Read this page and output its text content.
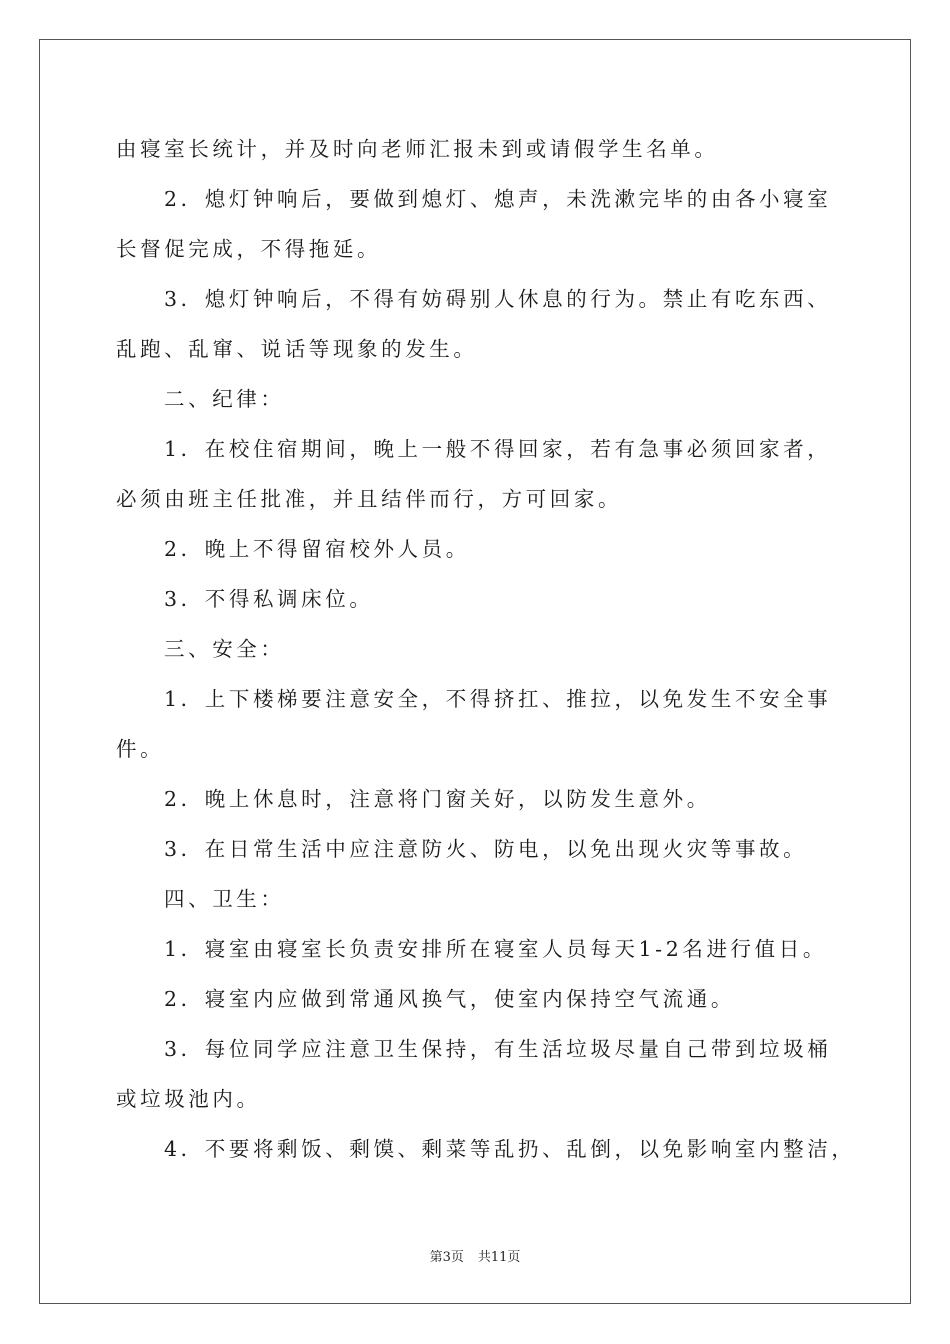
由寝室长统计，并及时向老师汇报未到或请假学生名单。
2．熄灯钟响后，要做到熄灯、熄声，未洗漱完毕的由各小寝室
长督促完成，不得拖延。
3．熄灯钟响后，不得有妨碍别人休息的行为。禁止有吃东西、
乱跑、乱窜、说话等现象的发生。
二、纪律：
1．在校住宿期间，晚上一般不得回家，若有急事必须回家者，
必须由班主任批准，并且结伴而行，方可回家。
2．晚上不得留宿校外人员。
3．不得私调床位。
三、安全：
1．上下楼梯要注意安全，不得挤扛、推拉，以免发生不安全事
件。
2．晚上休息时，注意将门窗关好，以防发生意外。
3．在日常生活中应注意防火、防电，以免出现火灾等事故。
四、卫生：
1．寝室由寝室长负责安排所在寝室人员每天1-2名进行值日。
2．寝室内应做到常通风换气，使室内保持空气流通。
3．每位同学应注意卫生保持，有生活垃圾尽量自己带到垃圾桶
或垃圾池内。
4．不要将剩饭、剩馍、剩菜等乱扔、乱倒，以免影响室内整洁，
第3页 共11页
